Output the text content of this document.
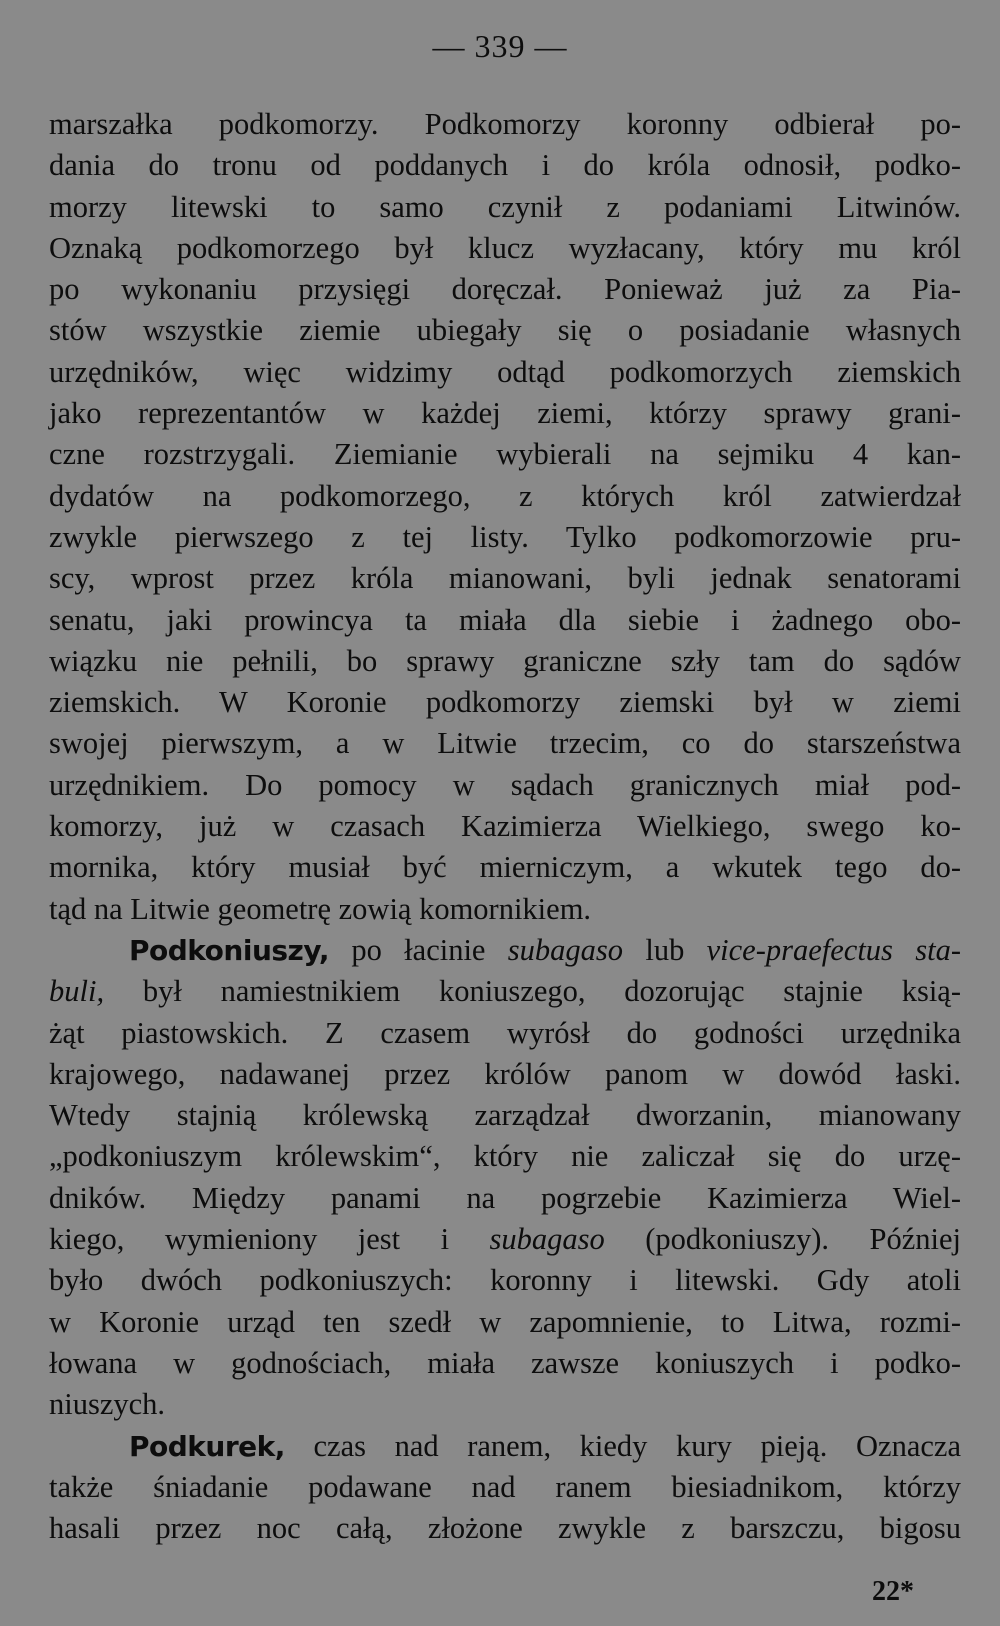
— 339 —

marszałka podkomorzy. Podkomorzy koronny odbierał po-
dania do tronu od poddanych i do króla odnosił, podko-
morzy litewski to samo czynił z podaniami Litwinów.
Oznaką podkomorzego był klucz wyzłacany, który mu król
po wykonaniu przysięgi doręczał. Ponieważ już za Pia-
stów wszystkie ziemie ubiegały się o posiadanie własnych
urzędników, więc widzimy odtąd podkomorzych ziemskich
jako reprezentantów w każdej ziemi, którzy sprawy grani-
czne rozstrzygali. Ziemianie wybierali na sejmiku 4 kan-
dydatów na podkomorzego, z których król zatwierdzał
zwykle pierwszego z tej listy. Tylko podkomorzowie pru-
scy, wprost przez króla mianowani, byli jednak senatorami
senatu, jaki prowincya ta miała dla siebie i żadnego obo-
wiązku nie pełnili, bo sprawy graniczne szły tam do sądów
ziemskich. W Koronie podkomorzy ziemski był w ziemi
swojej pierwszym, a w Litwie trzecim, co do starszeństwa
urzędnikiem. Do pomocy w sądach granicznych miał pod-
komorzy, już w czasach Kazimierza Wielkiego, swego ko-
mornika, który musiał być mierniczym, a wkutek tego do-
tąd na Litwie geometrę zowią komornikiem.

Podkoniuszy, po łacinie subagaso lub vice-praefectus sta-
buli, był namiestnikiem koniuszego, dozorując stajnie ksią-
żąt piastowskich. Z czasem wyrósł do godności urzędnika
krajowego, nadawanej przez królów panom w dowód łaski.
Wtedy stajnią królewską zarządzał dworzanin, mianowany
„podkoniuszym królewskim“, który nie zaliczał się do urzę-
dników. Między panami na pogrzebie Kazimierza Wiel-
kiego, wymieniony jest i subagaso (podkoniuszy). Później
było dwóch podkoniuszych: koronny i litewski. Gdy atoli
w Koronie urząd ten szedł w zapomnienie, to Litwa, rozmi-
łowana w godnościach, miała zawsze koniuszych i podko-
niuszych.

Podkurek, czas nad ranem, kiedy kury pieją. Oznacza
także śniadanie podawane nad ranem biesiadnikom, którzy
hasali przez noc całą, złożone zwykle z barszczu, bigosu

22*
